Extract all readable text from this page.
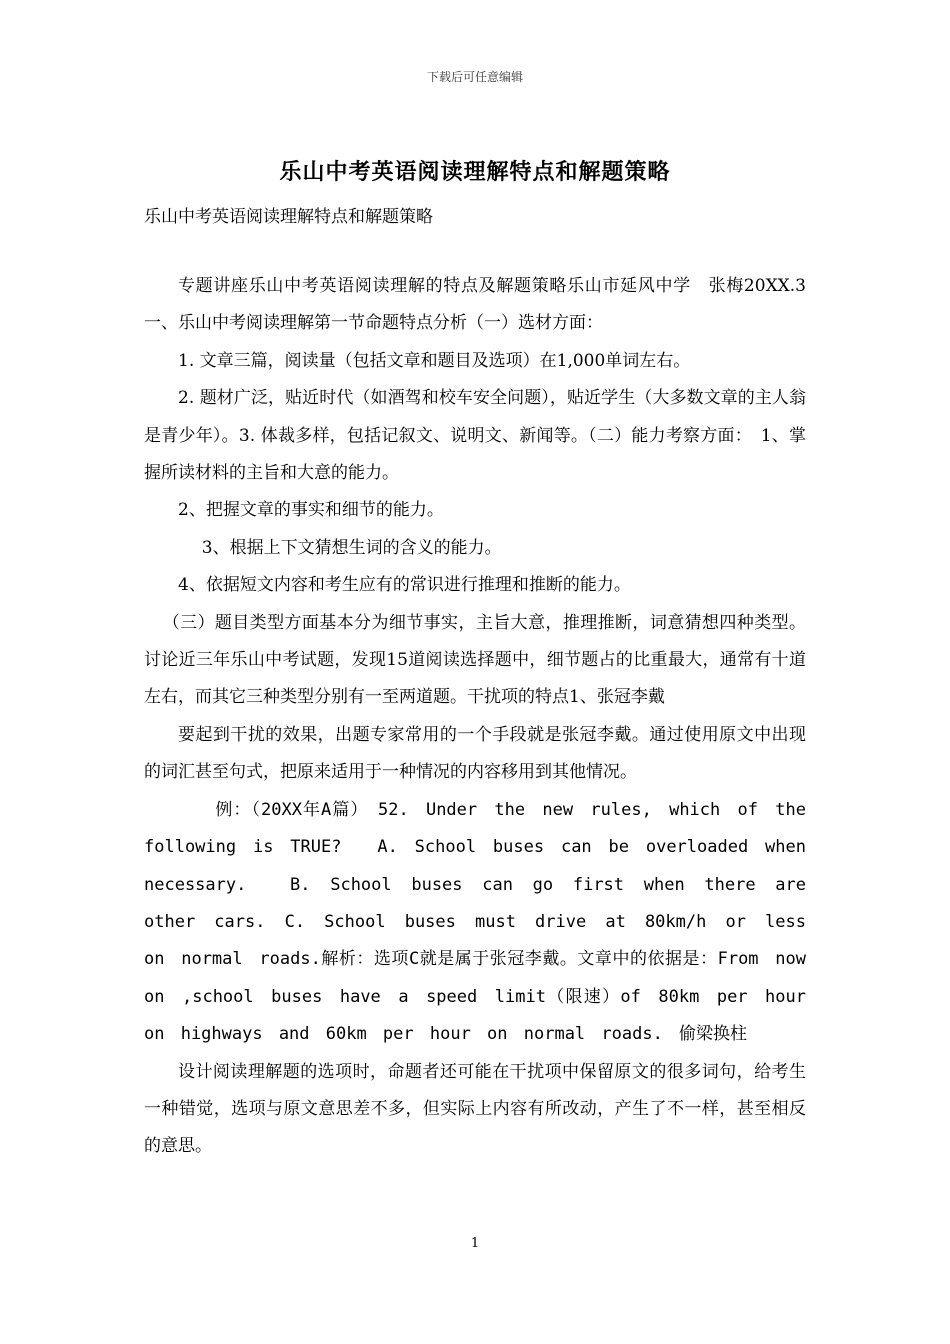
下载后可任意编辑
乐山中考英语阅读理解特点和解题策略
乐山中考英语阅读理解特点和解题策略

专题讲座乐山中考英语阅读理解的特点及解题策略乐山市延风中学　张梅20XX.3一、乐山中考阅读理解第一节命题特点分析（一）选材方面：

1. 文章三篇，阅读量（包括文章和题目及选项）在1,000单词左右。

2. 题材广泛，贴近时代（如酒驾和校车安全问题），贴近学生（大多数文章的主人翁是青少年）。3. 体裁多样，包括记叙文、说明文、新闻等。（二）能力考察方面：　1、掌握所读材料的主旨和大意的能力。

2、把握文章的事实和细节的能力。

3、根据上下文猜想生词的含义的能力。

4、依据短文内容和考生应有的常识进行推理和推断的能力。

（三）题目类型方面基本分为细节事实，主旨大意，推理推断，词意猜想四种类型。讨论近三年乐山中考试题，发现15道阅读选择题中，细节题占的比重最大，通常有十道左右，而其它三种类型分别有一至两道题。干扰项的特点1、张冠李戴

要起到干扰的效果，出题专家常用的一个手段就是张冠李戴。通过使用原文中出现的词汇甚至句式，把原来适用于一种情况的内容移用到其他情况。

例：（20XX年A篇）　52. Under the new rules, which of the following is TRUE?　　A. School buses can be overloaded when necessary.　 B. School buses can go first when there are other cars. C. School buses must drive at 80km/h or less on normal roads.解析：选项C就是属于张冠李戴。文章中的依据是：From now on ,school buses have a speed limit（限速）of 80km per hour on highways and 60km per hour on normal roads. 偷梁换柱

设计阅读理解题的选项时，命题者还可能在干扰项中保留原文的很多词句，给考生一种错觉，选项与原文意思差不多，但实际上内容有所改动，产生了不一样，甚至相反的意思。

1
